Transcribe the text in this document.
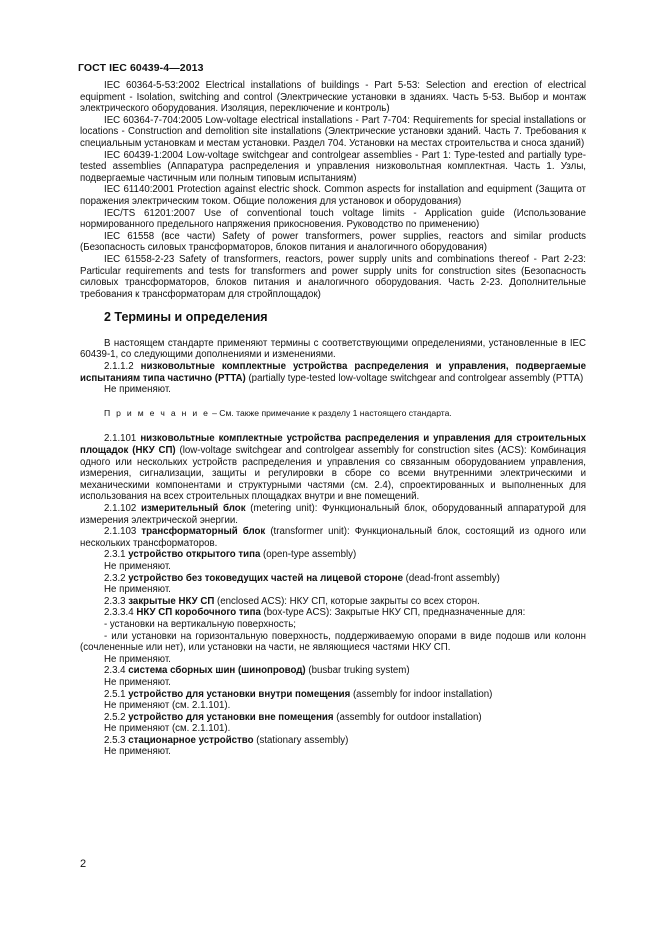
ГОСТ IEC 60439-4—2013

IEC 60364-5-53:2002 Electrical installations of buildings - Part 5-53: Selection and erection of electrical equipment - Isolation, switching and control (Электрические установки в зданиях. Часть 5-53. Выбор и монтаж электрического оборудования. Изоляция, переключение и контроль)

IEC 60364-7-704:2005 Low-voltage electrical installations - Part 7-704: Requirements for special installations or locations - Construction and demolition site installations (Электрические установки зданий. Часть 7. Требования к специальным установкам и местам установки. Раздел 704. Установки на местах строительства и сноса зданий)

IEC 60439-1:2004 Low-voltage switchgear and controlgear assemblies - Part 1: Type-tested and partially type-tested assemblies (Аппаратура распределения и управления низковольтная комплектная. Часть 1. Узлы, подвергаемые частичным или полным типовым испытаниям)

IEC 61140:2001 Protection against electric shock. Common aspects for installation and equipment (Защита от поражения электрическим током. Общие положения для установок и оборудования)

IEC/TS 61201:2007 Use of conventional touch voltage limits - Application guide (Использование нормированного предельного напряжения прикосновения. Руководство по применению)

IEC 61558 (все части) Safety of power transformers, power supplies, reactors and similar products (Безопасность силовых трансформаторов, блоков питания и аналогичного оборудования)

IEC 61558-2-23 Safety of transformers, reactors, power supply units and combinations thereof - Part 2-23: Particular requirements and tests for transformers and power supply units for construction sites (Безопасность силовых трансформаторов, блоков питания и аналогичного оборудования. Часть 2-23. Дополнительные требования к трансформаторам для стройплощадок)

2 Термины и определения

В настоящем стандарте применяют термины с соответствующими определениями, установленные в IEC 60439-1, со следующими дополнениями и изменениями.

2.1.1.2 низковольтные комплектные устройства распределения и управления, подвергаемые испытаниям типа частично (PTTA) (partially type-tested low-voltage switchgear and controlgear assembly (PTTA)

Не применяют.

П р и м е ч а н и е – См. также примечание к разделу 1 настоящего стандарта.

2.1.101 низковольтные комплектные устройства распределения и управления для строительных площадок (НКУ СП) (low-voltage switchgear and controlgear assembly for construction sites (ACS): Комбинация одного или нескольких устройств распределения и управления со связанным оборудованием управления, измерения, сигнализации, защиты и регулировки в сборе со всеми внутренними электрическими и механическими компонентами и структурными частями (см. 2.4), спроектированных и выполненных для использования на всех строительных площадках внутри и вне помещений.

2.1.102 измерительный блок (metering unit): Функциональный блок, оборудованный аппаратурой для измерения электрической энергии.

2.1.103 трансформаторный блок (transformer unit): Функциональный блок, состоящий из одного или нескольких трансформаторов.

2.3.1 устройство открытого типа (open-type assembly)

Не применяют.

2.3.2 устройство без токоведущих частей на лицевой стороне (dead-front assembly)

Не применяют.

2.3.3 закрытые НКУ СП (enclosed ACS): НКУ СП, которые закрыты со всех сторон.

2.3.3.4 НКУ СП коробочного типа (box-type ACS): Закрытые НКУ СП, предназначенные для:

- установки на вертикальную поверхность;

- или установки на горизонтальную поверхность, поддерживаемую опорами в виде подошв или колонн (сочлененные или нет), или установки на части, не являющиеся частями НКУ СП.

Не применяют.

2.3.4 система сборных шин (шинопровод) (busbar truking system)

Не применяют.

2.5.1 устройство для установки внутри помещения (assembly for indoor installation)

Не применяют (см. 2.1.101).

2.5.2 устройство для установки вне помещения (assembly for outdoor installation)

Не применяют (см. 2.1.101).

2.5.3 стационарное устройство (stationary assembly)

Не применяют.

2
